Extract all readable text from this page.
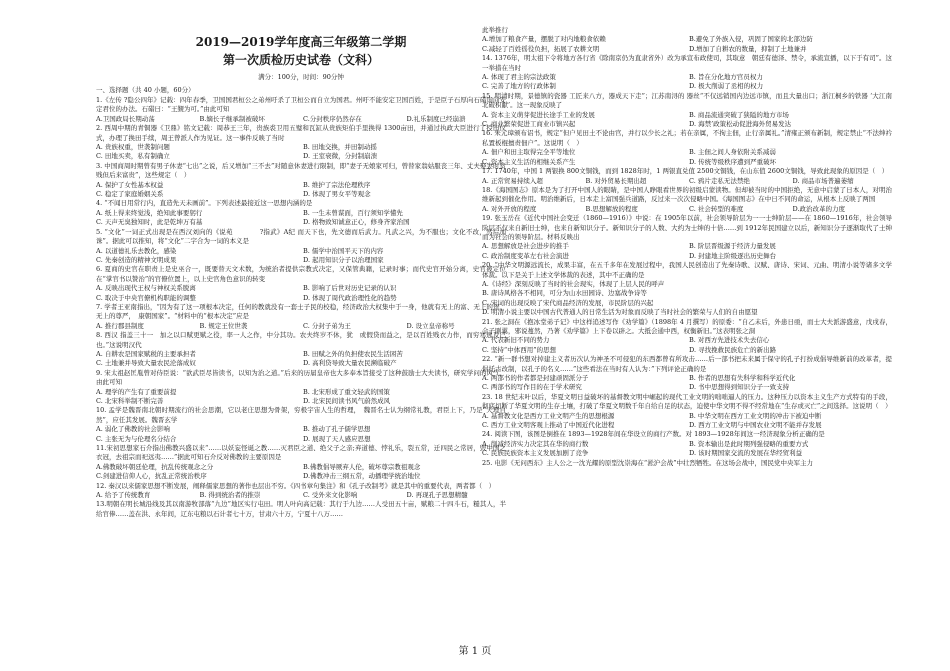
2019—2019学年度高三年级第二学期
第一次质检历史试卷（文科）
满分：100分，时间：90分钟
一、选择题（共 40 小题，60分）

1.《左传 ?隐公四年》记载：四年春季，卫国国君桓公之弟州吁杀了卫桓公而自立为国君。州吁不能安定卫国百姓，于是臣子石厚向石碏询问安定君位的办法。石碏曰：“王觐为可。”由此可知

A.卫国政局长期动荡	B.嫡长子继承制被破坏	C.分封秩序仍然存在	D.礼乐制度已经崩溃

2. 西周中期的青铜器《卫鼎》铭文记载：周恭王三年，贵族裘卫用五璧和瓦缸从贵族矩伯手里换得 1300亩田，并通过执政大臣进行了授田仪式，办理了换田手续，周王曾派人作为见证。这一事件反映了当时

A. 贵族权重，世袭制问题	B. 田地交换，并田制动摇
C. 田地买卖，私有制确立	D. 王室衰微，分封制崩溃

3. 中国商周时期曾有男子休妻“七出”之说，后又增加“三不去”对随意休妻进行限制，即“妻子无娘家可归，曾替家翁姑服丧三年、丈夫娶妻时贫贱但后来富贵”，这些规定（　）

A. 保护了女性基本权益	B. 维护了宗法伦理秩序
C. 稳定了家庭婚姻关系	D. 体现了男女平等观念

4. “不闻日用常行内，直造先天未画前”。下列表述最接近这一思想内涵的是

A. 纸上得来终觉浅，绝知此事要躬行	B. 一生未曾谋面，百行须知学懂先
C. 天声无臭独知时，此是乾坤万有基	D. 格物致知诚意正心，修身齐家治国

5. “文化”一词正式出现是在西汉刘向的《说苑　　　　?指武》A纪 而天下也，先文德而后武力。凡武之兴，为不服也；文化不改，然后加诛”。据此可以推知，将“文化”二字合为一词的本义是

A. 以道德礼乐去教化，感染	B. 儒学中治国平天下的内容
C. 先秦创造的精神文明成果	D. 起用知识分子以治理国家

6. 夏商的史官在职责上是史巫合一，既要替天文术数，为统治者提供宗教式决定，又保管典籍，记录时事；而代史官开始分离，史官被定位在“掌官书以赞治”的官僚位置上，以上史官角色意识的转变

A. 反映出现代王权与神权关系脱离	B. 影响了后世对历史记录的认识
C. 取决于中央官僚机构职能的调整	D. 体现了周代政治理性化的趋势

7. 学者王亚南指出，“因为有了这一项根本决定，任何的教就没有一套士子民的校稳，经济政治大权集中于一身，他就有无上的富、无上的贵、无上的尊严，　康朝国家”。“材料中的“根本决定”应是

A. 推行郡县制度	B. 规定王位世袭	C. 分封子弟为王	D. 设立皇帝称号

8. 西汉 指盖三十一　加之以口赋更赋之役，率一人之作，中分其功。农夫终岁不休，犹　或假贷而益之，是以百姓贱衣力作，而穷寒逃及己也。”这说明汉代

A. 自耕农是国家赋税的主要承担者	B. 田赋之外的负担使农民生活困苦
C. 土地兼并导致大量农民沦落成奴	D. 高利贷导致大量农民濒临破产

9. 宋太祖赵匡胤曾对侍臣说：“欲武臣尽皆读书，以知为治之道。”后来的历届皇帝也大多奉本旨接受了这种鼓励士大夫读书，研究学问的风气，由此可知

A. 理学的产生有了重要前提	B. 北宋形成了重文轻武的国策
C. 北宋科举制不断完善	D. 北宋民间读书风气蔚然成风

10. 孟学是魏晋南北朝时期流行的社会思潮，它以老庄思想为骨架，穷极宇宙人生的哲理，　魏晋名士认为纲常礼教，君臣上下，乃是“天理自然”，应任其发展。魏晋玄学

A. 弱化了佛教的社会影响	B. 推动了孔子儒学思想
C. 主张无为与伦理名分结合	D. 展现了天人感应思想

11.宋初思想家石介指出佛教兴盛以来“……以妖妄怪诞之教……灭君臣之道、绝父子之亲;弃道德、悖礼乐，裂五常，迁四民之常居，毁中国之衣冠，去祖宗而祀远夷……”据此可知石介反对佛教的主要原因是

A.佛教破坏朝廷伦理，抗乱传统观念之分	B.佛教倡导厥弃人伦，破坏尊宗教祖观念
C.剑建进信仰人心，抗乱正常统治秩序	D.佛教冲击三纲五常，动播理学统治地位

12. 秦汉以来儒家思想不断发展，阐释儒家思想的著作也层出不穷。《四书章句集注》和《孔子改制考》就是其中的重要代表，两者都（　）

A. 给予了传统教育	B. 得到统治者的推崇	C. 受外来文化影响	D. 再现孔子思想精髓

13.明朝在明长城沿线及其以南游牧部落“九边”地区实行屯田。明人叶向高记载：其行于九边……人受田五十亩，赋粮二十四斗石，糙其人，半给官俸……盖在洪、永年间，辽东屯粮以石计者七十万，甘肃六十万，宁夏十八万……

此举推行

A.增加了粮食产量，摆脱了对内地粮食依赖	B.避免了外族入侵，巩固了国家的北部边防
C.减轻了百姓徭役负担，拓展了农耕文明	D.增加了自耕农的数量，抑制了土地兼并

14. 1376年，明太祖下令将地方各行省《除南京仍为直隶省外）改为承宣布政使司，其取意　朝廷有德泽、禁令，承流宣播，以下于有司”。这一举措在当时

A. 体现了君主的宗法政策	B. 旨在分化地方官员权力
C. 完善了地方的行政体制	D. 极大削弱了丞相的权力

15. 明清时期，景德镇的瓷器 工匠来八方，器成天下走”；江苏南浔的 器丝“不仅远销国内边远市镇，而且大量出口；浙江桐乡的铁器 ‘大江南北破积献’。这一现象反映了

A. 资本主义萌芽促进长途手工业的发展	B. 商品流通突破了狭隘的地方市场
C. 商业繁荣促进工商业市镇兴起	D. 海禁’政策松动促进海外贸易发达

16. 朱元璋颁布诏书，规定“但户见田土不论由官，并行以少长之礼；若在亲属，不拘主佃，止行亲属礼。”清雍正颁布新制，规定禁止“不法绅衿私置板棍擅责佃户”。这说明（　）

A. 佃户和田主取得完全平等地位	B. 主佃之间人身依附关系减弱
C. 资本主义生活的相继关系产生	D. 传统等级秩序遭到严重破坏

17. 1740年，中国 1 两银换 800文铜钱，而到 1828年时，1 两银直兑值 2500文铜钱，在山东值 2600文铜钱，导致此现象的原因是（　）

A. 正常贸易持续入超	B. 对外贸易长期出超	C. 鸦片走私无法禁绝	D. 商品市场普遍萎缩

18.《海国图志》原本是为了打开中国人的眼睛，是中国人睁眼看世界的初级启蒙读物。但却被当时的中国拒绝，无意中启蒙了日本人，对明治维新起到催化作用。明治维新后，日本走上富国强兵道路，反过来一次次侵略中国。《海国图志》在中日不同的命运，从根本上反映了两国

A. 对外开放的程度	B.思想解放的程度	C. 社会转型的难度	D.政治改革的力度

19. 张玉岳在《近代中国社会变迁（1860—1916）》中说：在 1905年以前，社会领导阶层为一一士绅阶层——在 1860—1916年，社会领导阶层不仅来自新旧士绅，也来自新知识分子。新知识分子的人数、大约为士绅的十倍……到 1912年民国建立以后，新知识分子逐渐取代了士绅而为社会的领导阶层。材料反映出

A. 思想解放是社会进步的推手	B. 阶层晋级源于经济力量发展
C. 政治制度变革左右社会演进	D. 封建地主阶级逐出历史舞台

20. “中华文明源远流长，成果丰富，在五千多年在发展过程中，我国人民创造出了先秦诗歌、汉赋、唐诗、宋词、元曲、明清小说等诸多文学体裁。以下是关于上述文学体裁的表述，其中不正确的是

A.《诗经》深刻反映了当时的社会现实，体现了上层人民的呼声
B. 唐诗风格各不相同，可分为山水田园诗、边塞战争诗等
C. 宋词的出现反映了宋代商品经济的发展，市民阶层的兴起
D. 明清小说主要以中国古代普通人的日常生活为对象而反映了当时社会的繁荣与人们的自由愿望

21. 张之洞在《抱冰堂弟子记》中这样追述写作《劝学篇》（1898年 4 月撰写）的原委：“自乙未后，外患日亟，而士大夫派游盛意，戊戌春，会子刚翼，邪说蔓然，乃著《劝学篇》上下卷以辟之。大抵会通中西，权衡新旧。”这表明张之洞

A. 代表新旧不同的势力	B. 对西方先进技术失去信心
C. 坚持“中体西用”的思想	D. 寻找挽救民族危亡的新出路

22. “新一群书想对掉建主义者历次认为神圣不可侵犯的东西都曾有所攻击……后一部书把未来属于保守的孔子打扮成倡导维新前的改革者，提倡托古改制，以孔子的名义……”这些看法在当时有人认为：”下列评论正确的是

A. 两部书的作者都是封建顽固派分子	B. 作者的思想有失科学和科学近代化
C. 两部书的写作目的在于学术研究	D. 书中思想得到知识分子一致支持

23. 18 世纪末叶以后，华夏文明日益破坏的基督教文明中崛起的现代工业文明的咄咄逼人的压力。这种压力以资本主义生产方式特有的手段，彻底切断了华夏文明的生存土壤，打破了华夏文明数千年自给自足的状态，迫使中华文明不得不经常地在“生存或灭亡”之间选择。这说明（　）

A. 基督教文化是西方工业文明产生的思想根源	B. 中华文明在西方工业文明的冲击下被迫中断
C. 西方工业文明客观上推动了中国近代化进程	D. 西方工业文明与中国农业文明不能并存发展

24. 阅读下图，该图是倒推在 1893—1928年间在华设立的商行产数。对 1893—1928年间这一经济现象分析正确的是

A. 削减经济实力决定其在华的商行数	B. 资本输出是此时期列强侵略的重要方式
C. 民族民族资本主义发展加剧了竞争	D. 该时期国家交流的发展在华经贸利益

25. 电影《无问西东》主人公之一沈光耀的原型沈崇海在“淞沪会战”中壮烈牺牲。在这场会战中，国民党中央军主力

第 1 页
